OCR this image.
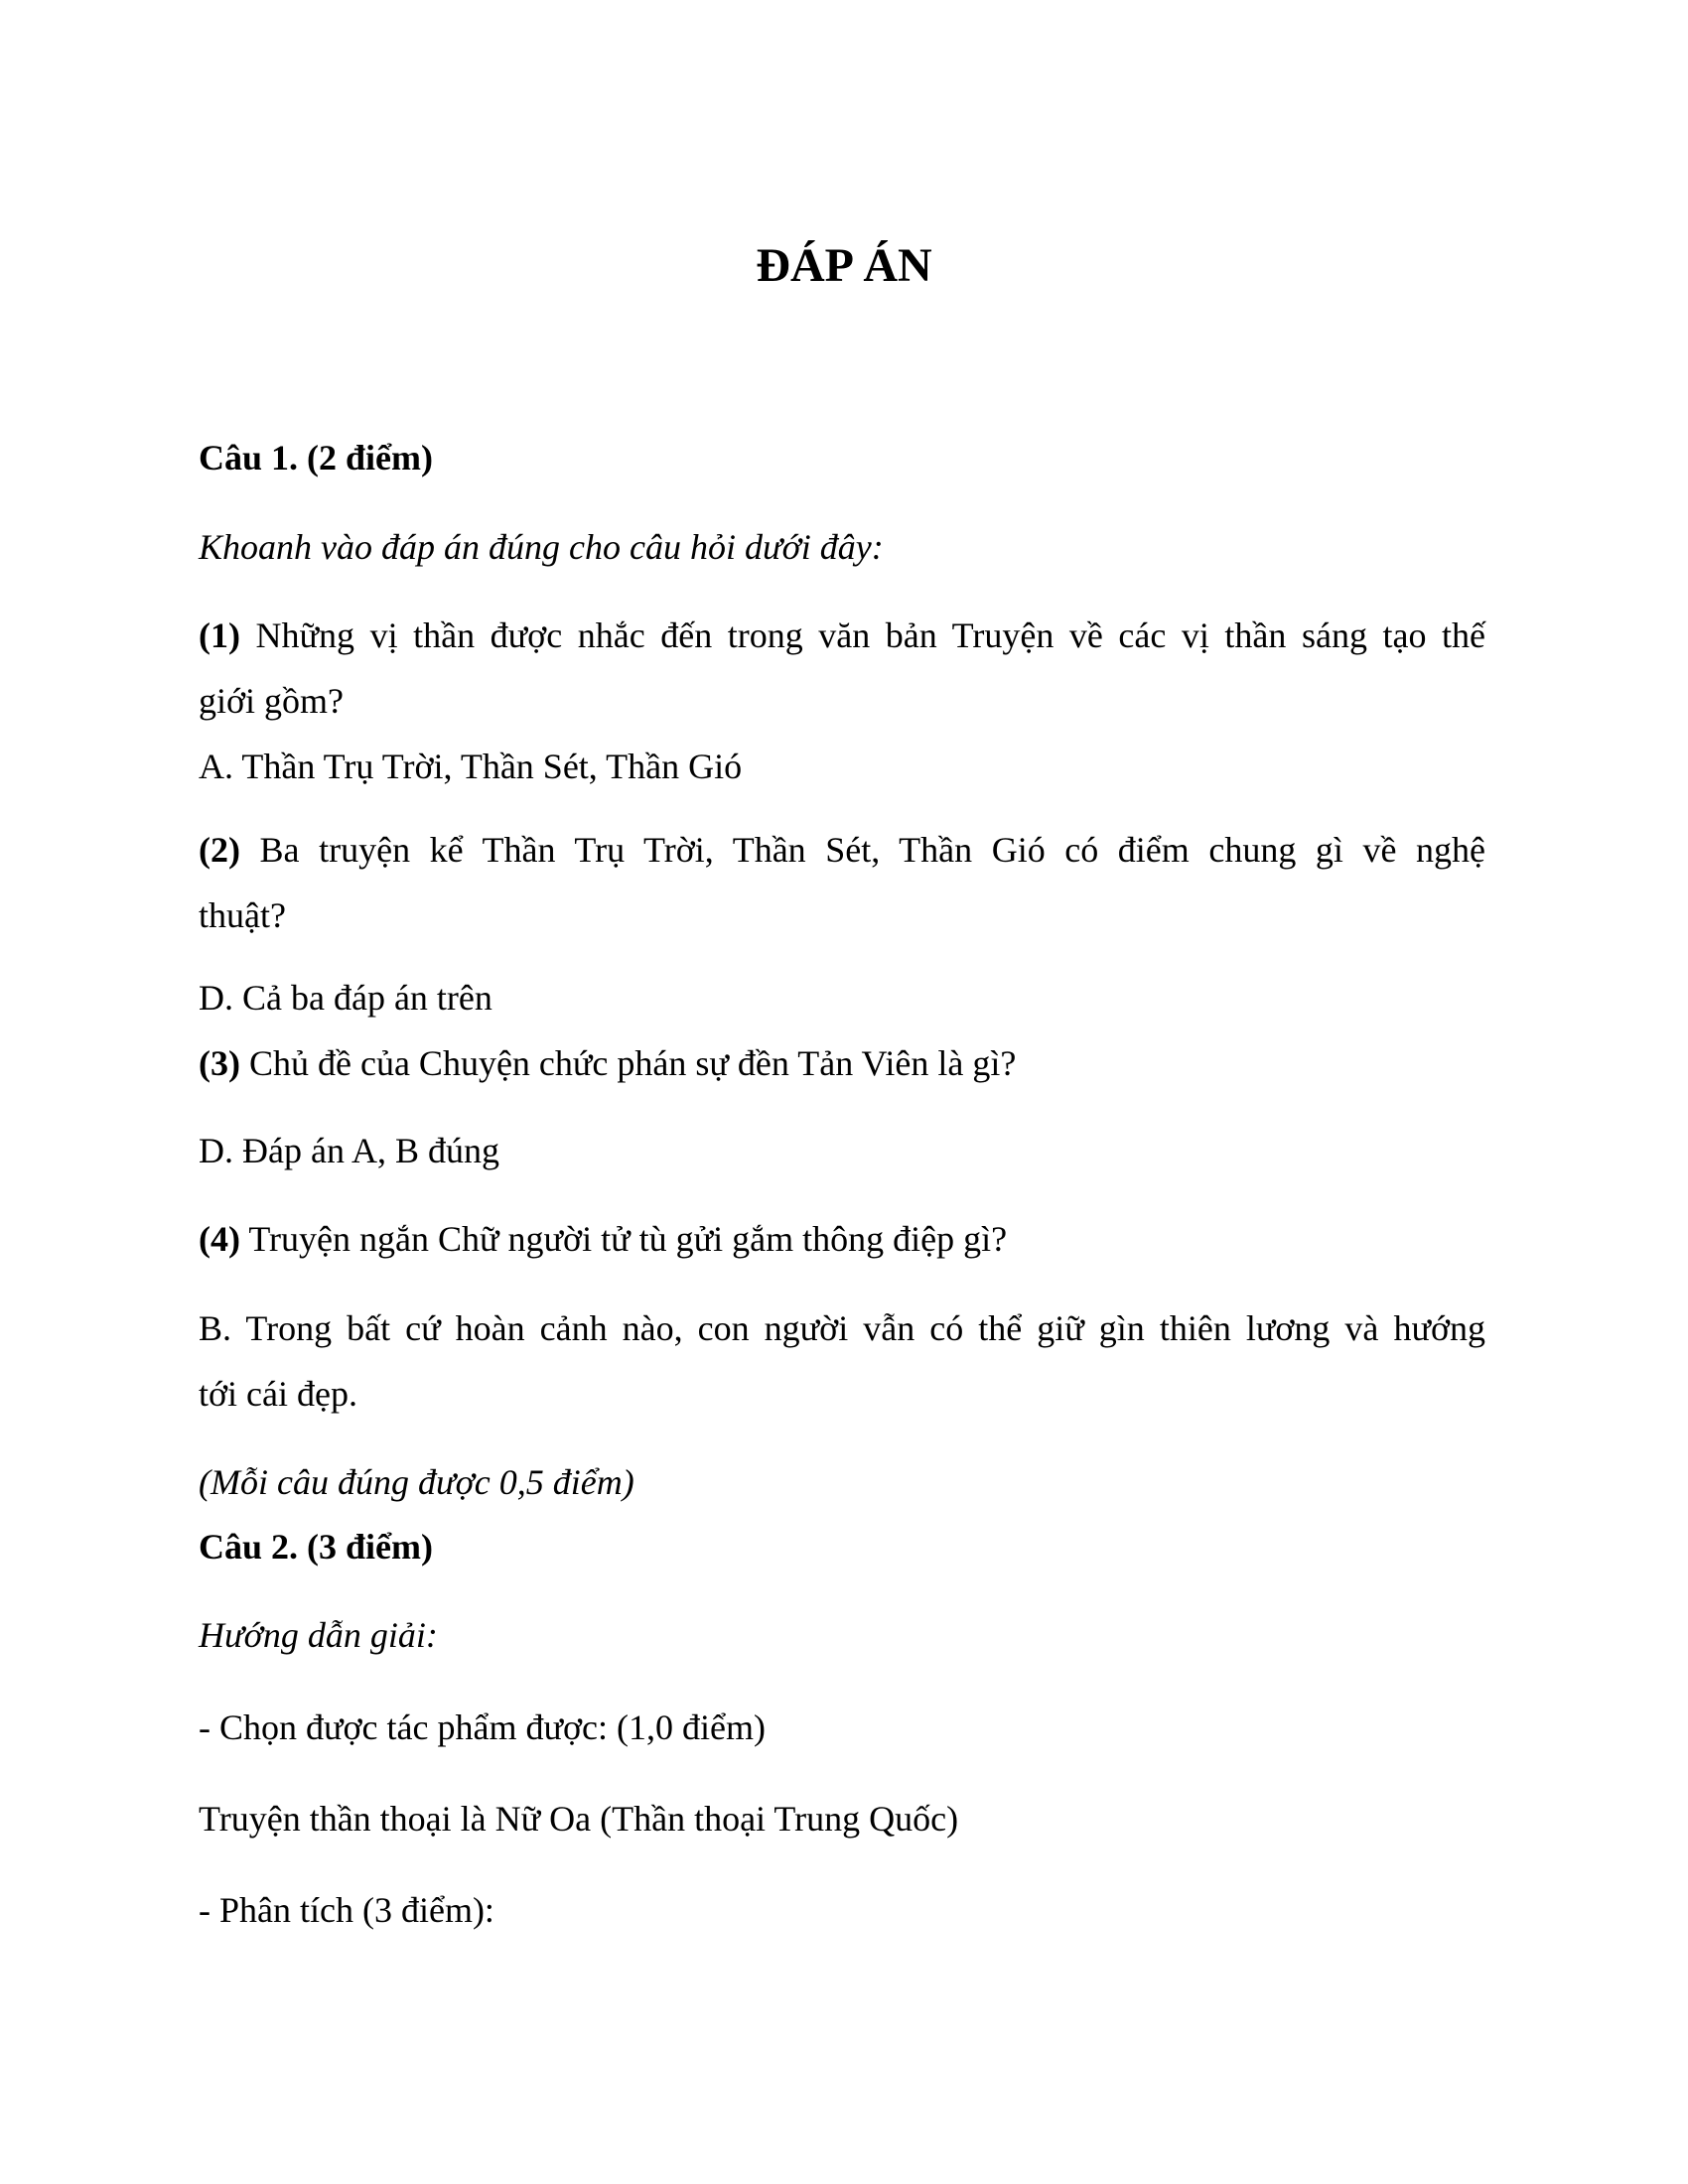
ĐÁP ÁN
Câu 1. (2 điểm)
Khoanh vào đáp án đúng cho câu hỏi dưới đây:
(1) Những vị thần được nhắc đến trong văn bản Truyện về các vị thần sáng tạo thế
giới gồm?
A. Thần Trụ Trời, Thần Sét, Thần Gió
(2) Ba truyện kể Thần Trụ Trời, Thần Sét, Thần Gió có điểm chung gì về nghệ
thuật?
D. Cả ba đáp án trên
(3) Chủ đề của Chuyện chức phán sự đền Tản Viên là gì?
D. Đáp án A, B đúng
(4) Truyện ngắn Chữ người tử tù gửi gắm thông điệp gì?
B. Trong bất cứ hoàn cảnh nào, con người vẫn có thể giữ gìn thiên lương và hướng
tới cái đẹp.
(Mỗi câu đúng được 0,5 điểm)
Câu 2. (3 điểm)
Hướng dẫn giải:
- Chọn được tác phẩm được: (1,0 điểm)
Truyện thần thoại là Nữ Oa (Thần thoại Trung Quốc)
- Phân tích (3 điểm):
